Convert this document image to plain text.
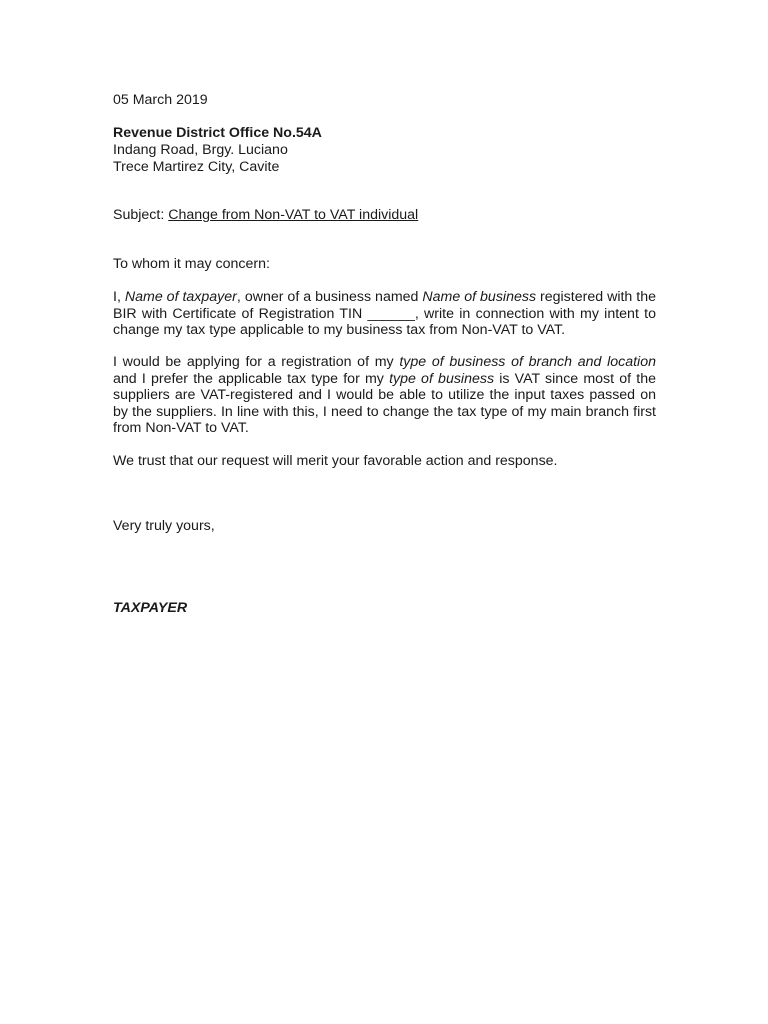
05 March 2019
Revenue District Office No.54A
Indang Road, Brgy. Luciano
Trece Martirez City, Cavite
Subject: Change from Non-VAT to VAT individual
To whom it may concern:
I, Name of taxpayer, owner of a business named Name of business registered with the BIR with Certificate of Registration TIN ______, write in connection with my intent to change my tax type applicable to my business tax from Non-VAT to VAT.
I would be applying for a registration of my type of business of branch and location and I prefer the applicable tax type for my type of business is VAT since most of the suppliers are VAT-registered and I would be able to utilize the input taxes passed on by the suppliers. In line with this, I need to change the tax type of my main branch first from Non-VAT to VAT.
We trust that our request will merit your favorable action and response.
Very truly yours,
TAXPAYER
